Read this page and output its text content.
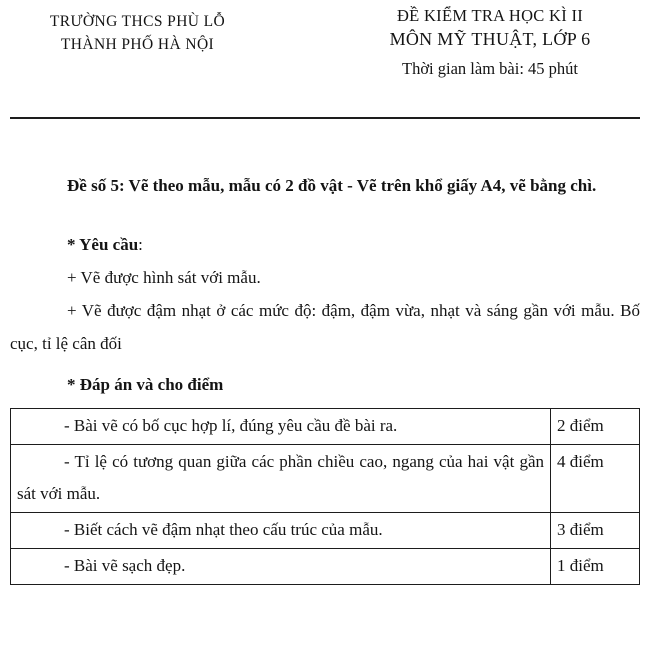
TRƯỜNG THCS PHÙ LỖ
THÀNH PHỐ HÀ NỘI
ĐỀ KIỂM TRA HỌC KÌ II
MÔN MỸ THUẬT, LỚP 6
Thời gian làm bài: 45 phút

Đề số 5: Vẽ theo mẫu, mẫu có 2 đồ vật - Vẽ trên khổ giấy A4, vẽ bằng chì.

* Yêu cầu:

+ Vẽ được hình sát với mẫu.

+ Vẽ được đậm nhạt ở các mức độ: đậm, đậm vừa, nhạt và sáng gần với mẫu. Bố cục, tỉ lệ cân đối

* Đáp án và cho điểm

- Bài vẽ có bố cục hợp lí, đúng yêu cầu đề bài ra.	2 điểm
- Tỉ lệ có tương quan giữa các phần chiều cao, ngang của hai vật gần sát với mẫu.	4 điểm
- Biết cách vẽ đậm nhạt theo cấu trúc của mẫu.	3 điểm
- Bài vẽ sạch đẹp.	1 điểm
